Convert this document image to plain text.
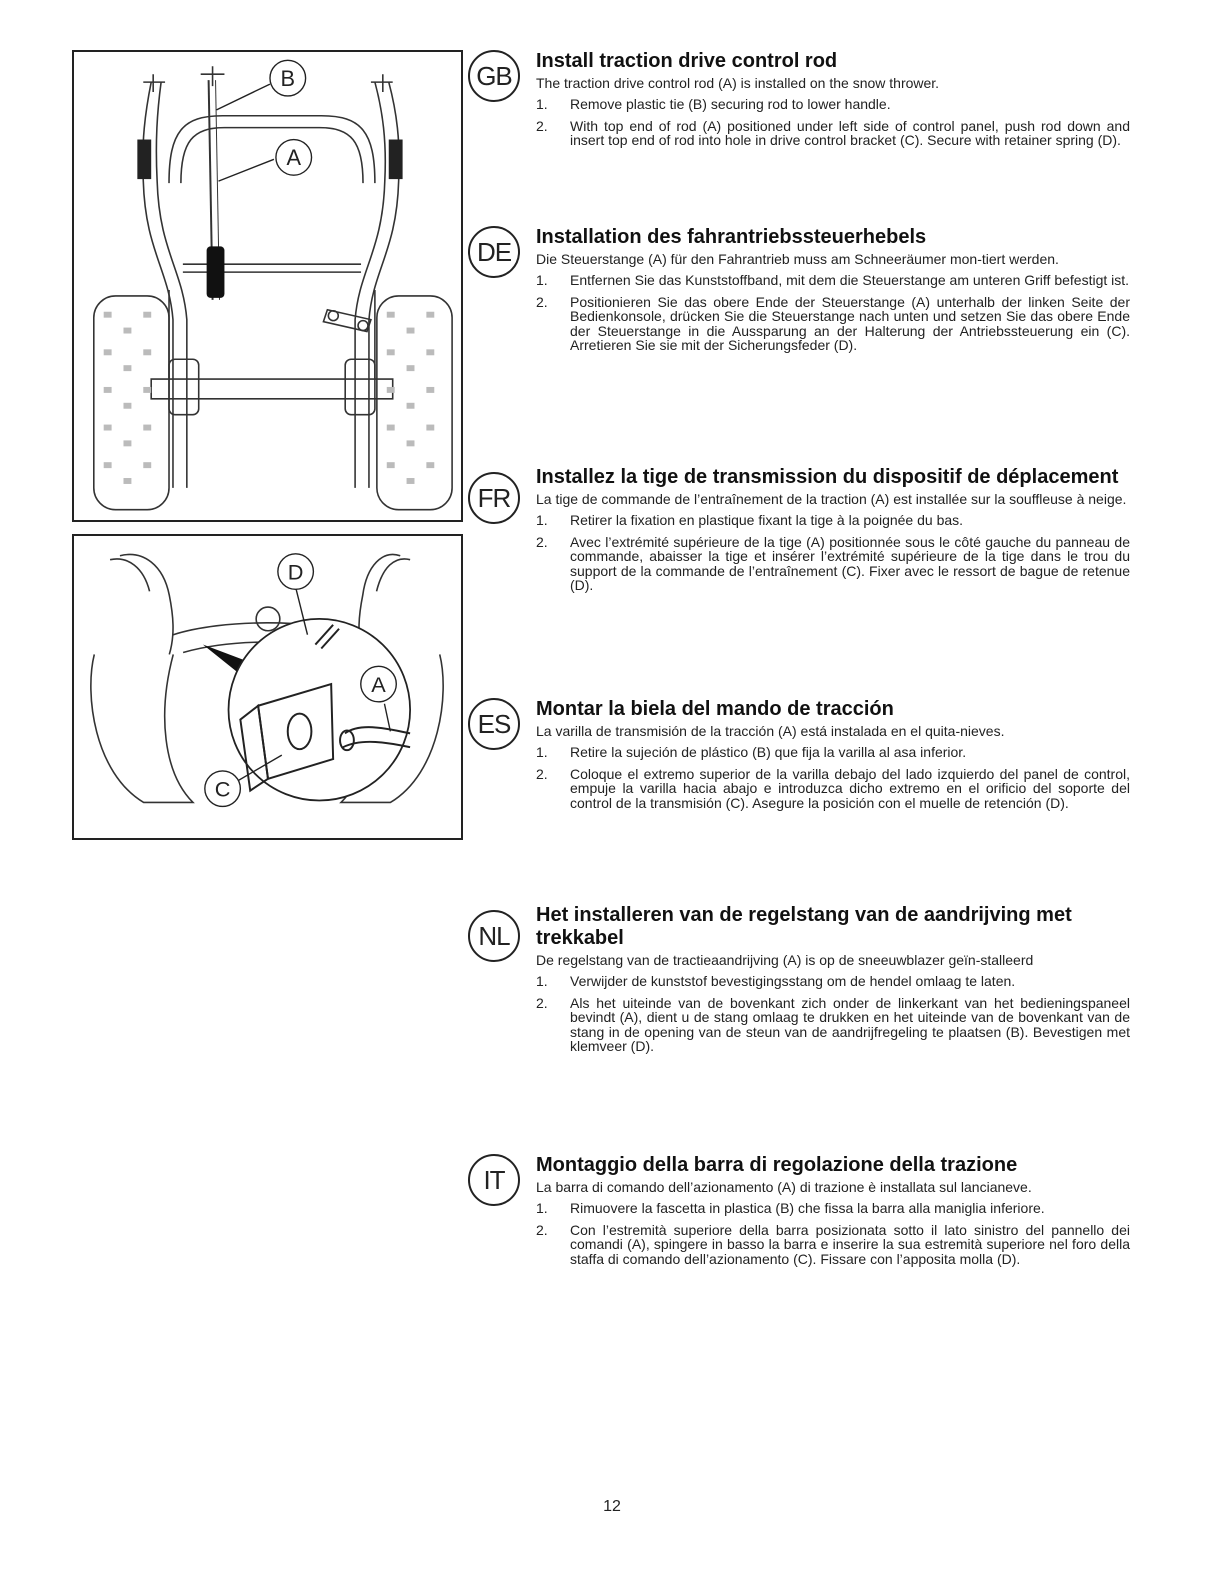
B
A
D
A
C
GB	Install traction drive control rod

The traction drive control rod (A) is installed on the snow thrower.

1.	Remove plastic tie (B) securing rod to lower handle.
2.	With top end of rod (A) positioned under left side of control panel, push rod down and insert top end of rod into hole in drive control bracket (C). Secure with retainer spring (D).
DE	Installation des fahrantriebssteuerhebels

Die Steuerstange (A) für den Fahrantrieb muss am Schneeräumer mon-tiert werden.

1.	Entfernen Sie das Kunststoffband, mit dem die Steuerstange am unteren Griff befestigt ist.
2.	Positionieren Sie das obere Ende der Steuerstange (A) unterhalb der linken Seite der Bedienkonsole, drücken Sie die Steuerstange nach unten und setzen Sie das obere Ende der Steuerstange in die Aussparung an der Halterung der Antriebssteuerung ein (C). Arretieren Sie sie mit der Sicherungsfeder (D).
FR
Installez la tige de transmission du dispositif de déplacement

La tige de commande de l’entraînement de la traction (A) est installée sur la souffleuse à neige.

1.	Retirer la fixation en plastique fixant la tige à la poignée du bas.
2.	Avec l’extrémité supérieure de la tige (A) positionnée sous le côté gauche du panneau de commande, abaisser la tige et insérer l’extrémité supérieure de la tige dans le trou du support de la commande de l’entraînement (C). Fixer avec le ressort de bague de retenue (D).
ES	Montar la biela del mando de tracción

La varilla de transmisión de la tracción (A) está instalada en el quita-nieves.

1.	Retire la sujeción de plástico (B) que fija la varilla al asa inferior.
2.	Coloque el extremo superior de la varilla debajo del lado izquierdo del panel de control, empuje la varilla hacia abajo e introduzca dicho extremo en el orificio del soporte del control de la transmisión (C). Asegure la posición con el muelle de retención (D).
NL
Het installeren van de regelstang van de aandrijving met trekkabel

De regelstang van de tractieaandrijving (A) is op de sneeuwblazer geïn-stalleerd

1.	Verwijder de kunststof bevestigingsstang om de hendel omlaag te laten.
2.	Als het uiteinde van de bovenkant zich onder de linkerkant van het bedieningspaneel bevindt (A), dient u de stang omlaag te drukken en het uiteinde van de bovenkant van de stang in de opening van de steun van de aandrijfregeling te plaatsen (B). Bevestigen met klemveer (D).
IT	Montaggio della barra di regolazione della trazione

La barra di comando dell’azionamento (A) di trazione è installata sul lancianeve.

1.	Rimuovere la fascetta in plastica (B) che fissa la barra alla maniglia inferiore.
2.	Con l’estremità superiore della barra posizionata sotto il lato sinistro del pannello dei comandi (A), spingere in basso la barra e inserire la sua estremità superiore nel foro della staffa di comando dell’azionamento (C). Fissare con l’apposita molla (D).
12
